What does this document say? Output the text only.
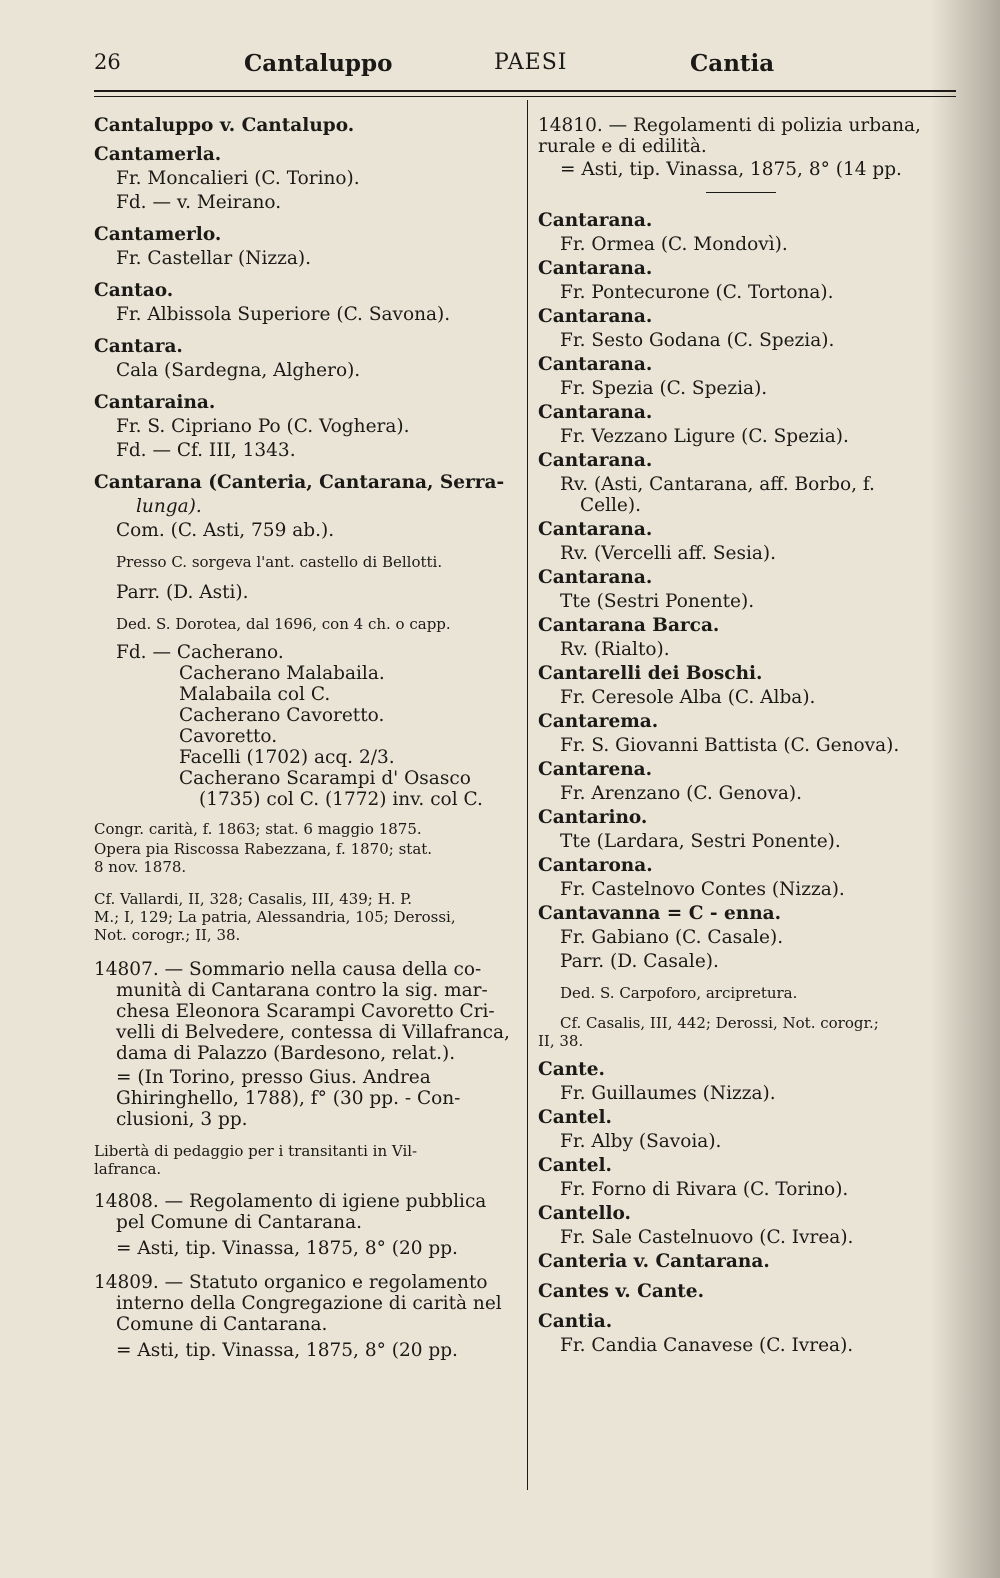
26	Cantaluppo	PAESI	Cantia

Cantaluppo v. Cantalupo.

Cantamerla.

Fr. Moncalieri (C. Torino).

Fd. — v. Meirano.

Cantamerlo.

Fr. Castellar (Nizza).

Cantao.

Fr. Albissola Superiore (C. Savona).

Cantara.

Cala (Sardegna, Alghero).

Cantaraina.

Fr. S. Cipriano Po (C. Voghera).

Fd. — Cf. III, 1343.

Cantarana (Canteria, Cantarana, Serra-

lunga).

Com. (C. Asti, 759 ab.).

Presso C. sorgeva l'ant. castello di Bellotti.

Parr. (D. Asti).

Ded. S. Dorotea, dal 1696, con 4 ch. o capp.

Fd. — Cacherano.

Cacherano Malabaila.

Malabaila col C.

Cacherano Cavoretto.

Cavoretto.

Facelli (1702) acq. 2/3.

Cacherano Scarampi d' Osasco

(1735) col C. (1772) inv. col C.

Congr. carità, f. 1863; stat. 6 maggio 1875.

Opera pia Riscossa Rabezzana, f. 1870; stat.

8 nov. 1878.

Cf. Vallardi, II, 328; Casalis, III, 439; H. P.

M.; I, 129; La patria, Alessandria, 105; Derossi,

Not. corogr.; II, 38.

14807. — Sommario nella causa della co-

munità di Cantarana contro la sig. mar-

chesa Eleonora Scarampi Cavoretto Cri-

velli di Belvedere, contessa di Villafranca,

dama di Palazzo (Bardesono, relat.).

= (In Torino, presso Gius. Andrea

Ghiringhello, 1788), f° (30 pp. - Con-

clusioni, 3 pp.

Libertà di pedaggio per i transitanti in Vil-

lafranca.

14808. — Regolamento di igiene pubblica

pel Comune di Cantarana.

= Asti, tip. Vinassa, 1875, 8° (20 pp.

14809. — Statuto organico e regolamento

interno della Congregazione di carità nel

Comune di Cantarana.

= Asti, tip. Vinassa, 1875, 8° (20 pp.

14810. — Regolamenti di polizia urbana,

rurale e di edilità.

= Asti, tip. Vinassa, 1875, 8° (14 pp.

Cantarana.

Fr. Ormea (C. Mondovì).

Cantarana.

Fr. Pontecurone (C. Tortona).

Cantarana.

Fr. Sesto Godana (C. Spezia).

Cantarana.

Fr. Spezia (C. Spezia).

Cantarana.

Fr. Vezzano Ligure (C. Spezia).

Cantarana.

Rv. (Asti, Cantarana, aff. Borbo, f.

Celle).

Cantarana.

Rv. (Vercelli aff. Sesia).

Cantarana.

Tte (Sestri Ponente).

Cantarana Barca.

Rv. (Rialto).

Cantarelli dei Boschi.

Fr. Ceresole Alba (C. Alba).

Cantarema.

Fr. S. Giovanni Battista (C. Genova).

Cantarena.

Fr. Arenzano (C. Genova).

Cantarino.

Tte (Lardara, Sestri Ponente).

Cantarona.

Fr. Castelnovo Contes (Nizza).

Cantavanna = C - enna.

Fr. Gabiano (C. Casale).

Parr. (D. Casale).

Ded. S. Carpoforo, arcipretura.

Cf. Casalis, III, 442; Derossi, Not. corogr.;

II, 38.

Cante.

Fr. Guillaumes (Nizza).

Cantel.

Fr. Alby (Savoia).

Cantel.

Fr. Forno di Rivara (C. Torino).

Cantello.

Fr. Sale Castelnuovo (C. Ivrea).

Canteria v. Cantarana.

Cantes v. Cante.

Cantia.

Fr. Candia Canavese (C. Ivrea).
